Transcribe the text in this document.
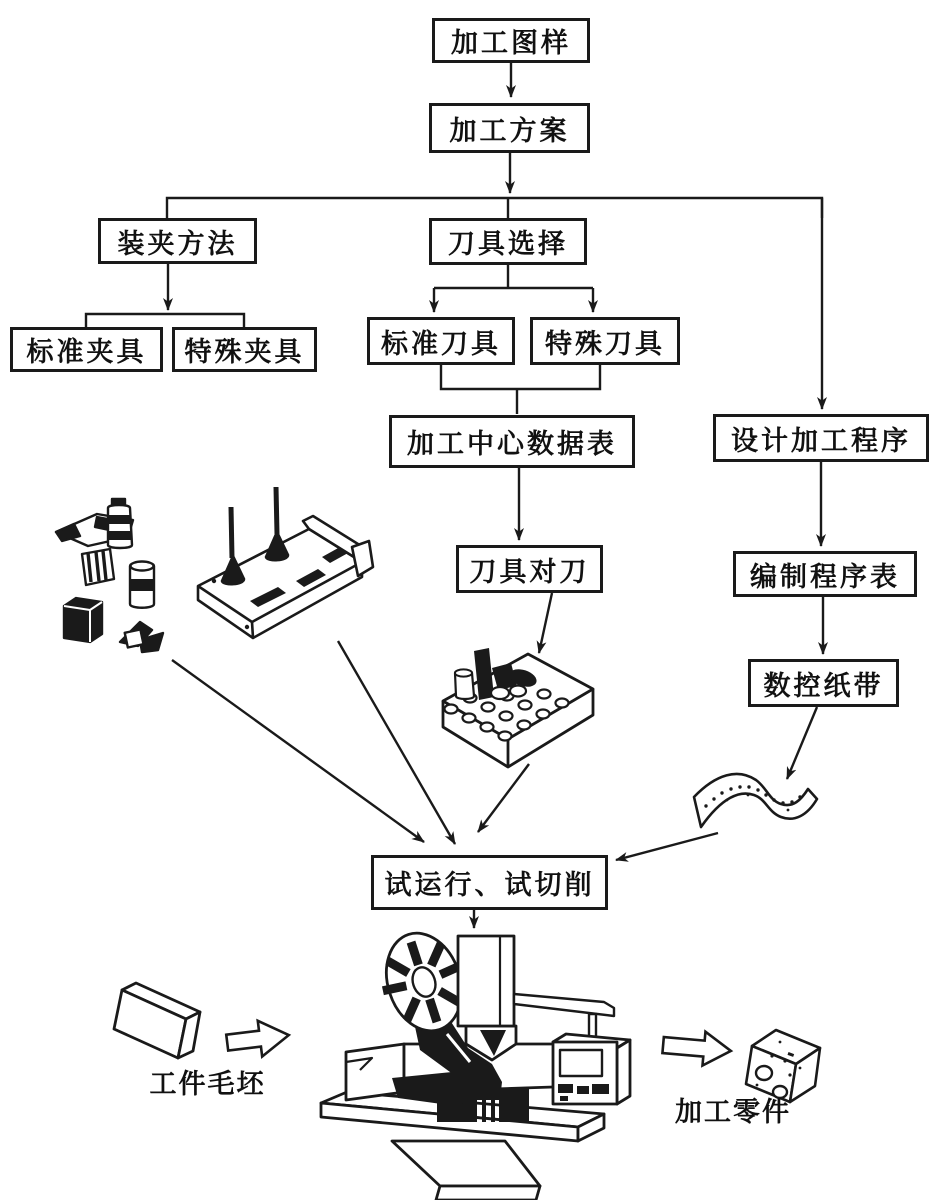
加工图样
加工方案
装夹方法
标准夹具	特殊夹具
刀具选择
标准刀具	特殊刀具
加工中心数据表
刀具对刀
设计加工程序
编制程序表
数控纸带
试运行、试切削
工件毛坯
加工零件
